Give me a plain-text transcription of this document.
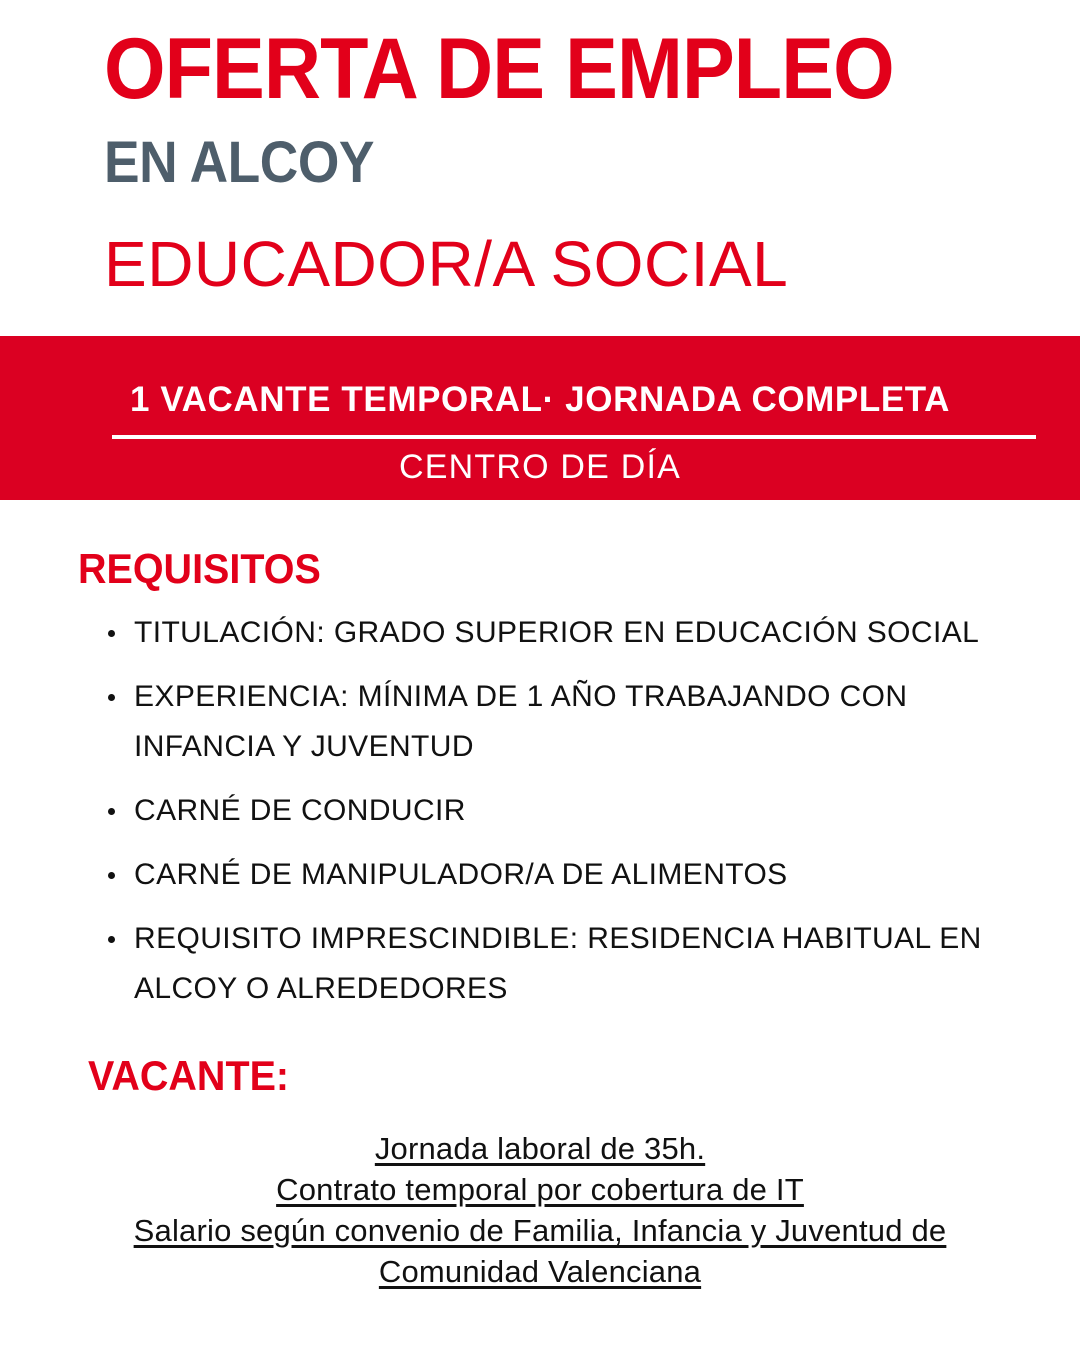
OFERTA DE EMPLEO
EN ALCOY
EDUCADOR/A SOCIAL
1 VACANTE TEMPORAL· JORNADA COMPLETA
CENTRO DE DÍA
REQUISITOS
TITULACIÓN: GRADO SUPERIOR EN EDUCACIÓN SOCIAL
EXPERIENCIA: MÍNIMA DE 1 AÑO TRABAJANDO CON INFANCIA Y JUVENTUD
CARNÉ DE CONDUCIR
CARNÉ DE MANIPULADOR/A DE ALIMENTOS
REQUISITO IMPRESCINDIBLE: RESIDENCIA HABITUAL EN ALCOY O ALREDEDORES
VACANTE:
Jornada laboral de 35h.
Contrato temporal por cobertura de IT
Salario según convenio de Familia, Infancia y Juventud de
Comunidad Valenciana
